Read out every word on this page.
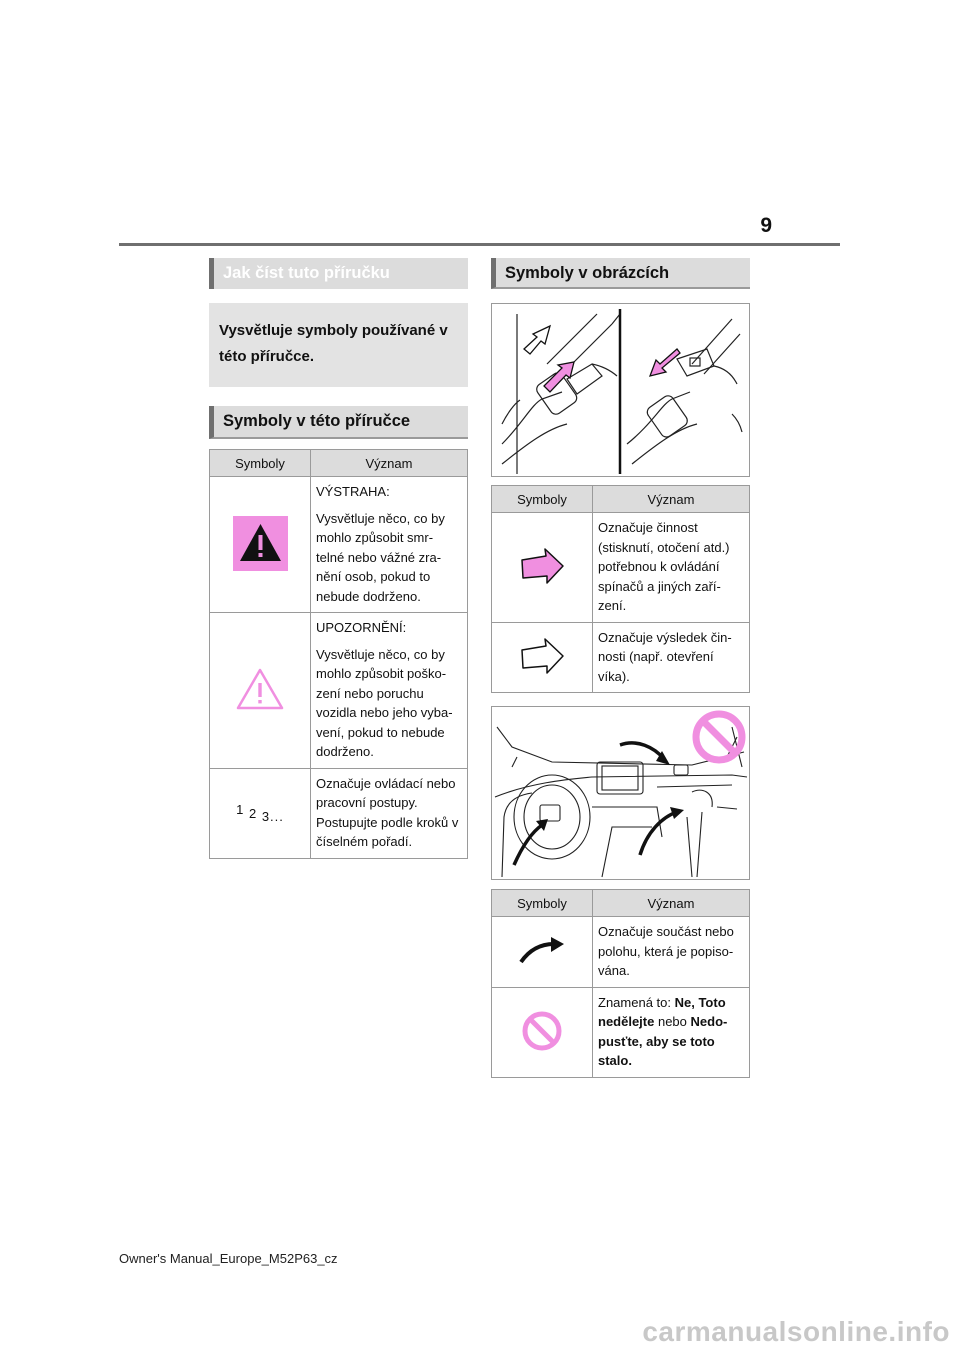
9
Jak číst tuto příručku
Vysvětluje symboly používané v této příručce.
Symboly v této příručce
Symboly	Význam

VÝSTRAHA:
Vysvětluje něco, co by mohlo způsobit smr-telné nebo vážné zra-nění osob, pokud to nebude dodrženo.

UPOZORNĚNÍ:
Vysvětluje něco, co by mohlo způsobit poško-zení nebo poruchu vozidla nebo jeho vyba-vení, pokud to nebude dodrženo.

1 2 3...	Označuje ovládací nebo pracovní postupy. Postupujte podle kroků v číselném pořadí.
Symboly v obrázcích
Symboly	Význam

Označuje činnost (stisknutí, otočení atd.) potřebnou k ovládání spínačů a jiných zaří-zení.

Označuje výsledek čin-nosti (např. otevření víka).
Symboly	Význam

Označuje součást nebo polohu, která je popiso-vána.

Znamená to: Ne, Toto nedělejte nebo Nedo-pusťte, aby se toto stalo.
Owner's Manual_Europe_M52P63_cz
carmanualsonline.info
